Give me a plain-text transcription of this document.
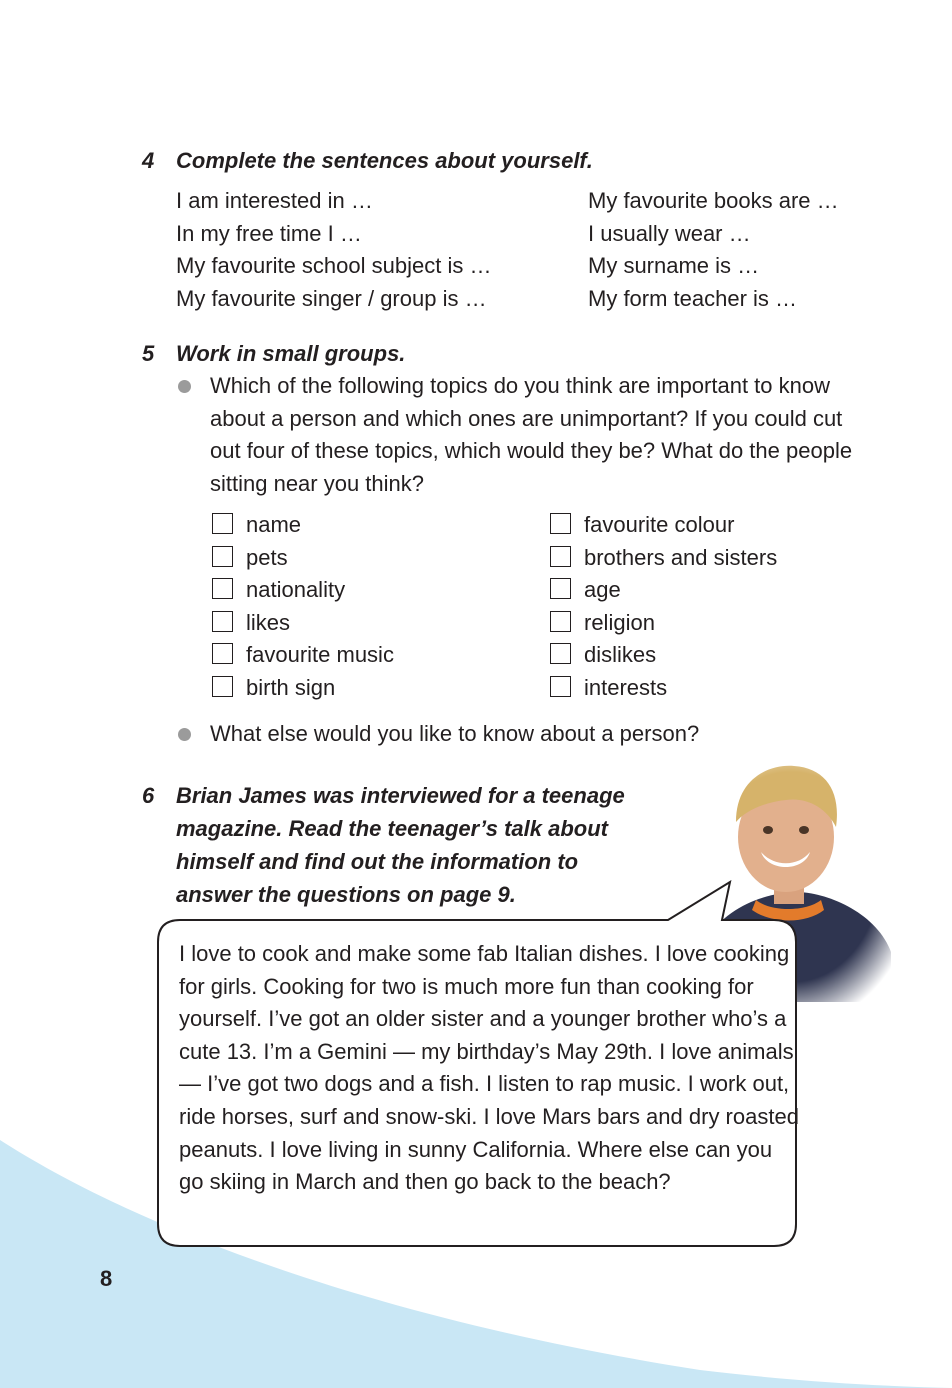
4 Complete the sentences about yourself.
I am interested in …
In my free time I …
My favourite school subject is …
My favourite singer / group is …
My favourite books are …
I usually wear …
My surname is …
My form teacher is …
5 Work in small groups.
Which of the following topics do you think are important to know about a person and which ones are unimportant? If you could cut out four of these topics, which would they be? What do the people sitting near you think?
name
pets
nationality
likes
favourite music
birth sign
favourite colour
brothers and sisters
age
religion
dislikes
interests
What else would you like to know about a person?
6 Brian James was interviewed for a teenage
magazine. Read the teenager’s talk about
himself and find out the information to
answer the questions on page 9.
I love to cook and make some fab Italian dishes. I love cooking for girls. Cooking for two is much more fun than cooking for yourself. I’ve got an older sister and a younger brother who’s a cute 13. I’m a Gemini — my birthday’s May 29th. I love animals — I’ve got two dogs and a fish. I listen to rap music. I work out, ride horses, surf and snow-ski. I love Mars bars and dry roasted peanuts. I love living in sunny California. Where else can you go skiing in March and then go back to the beach?
8
